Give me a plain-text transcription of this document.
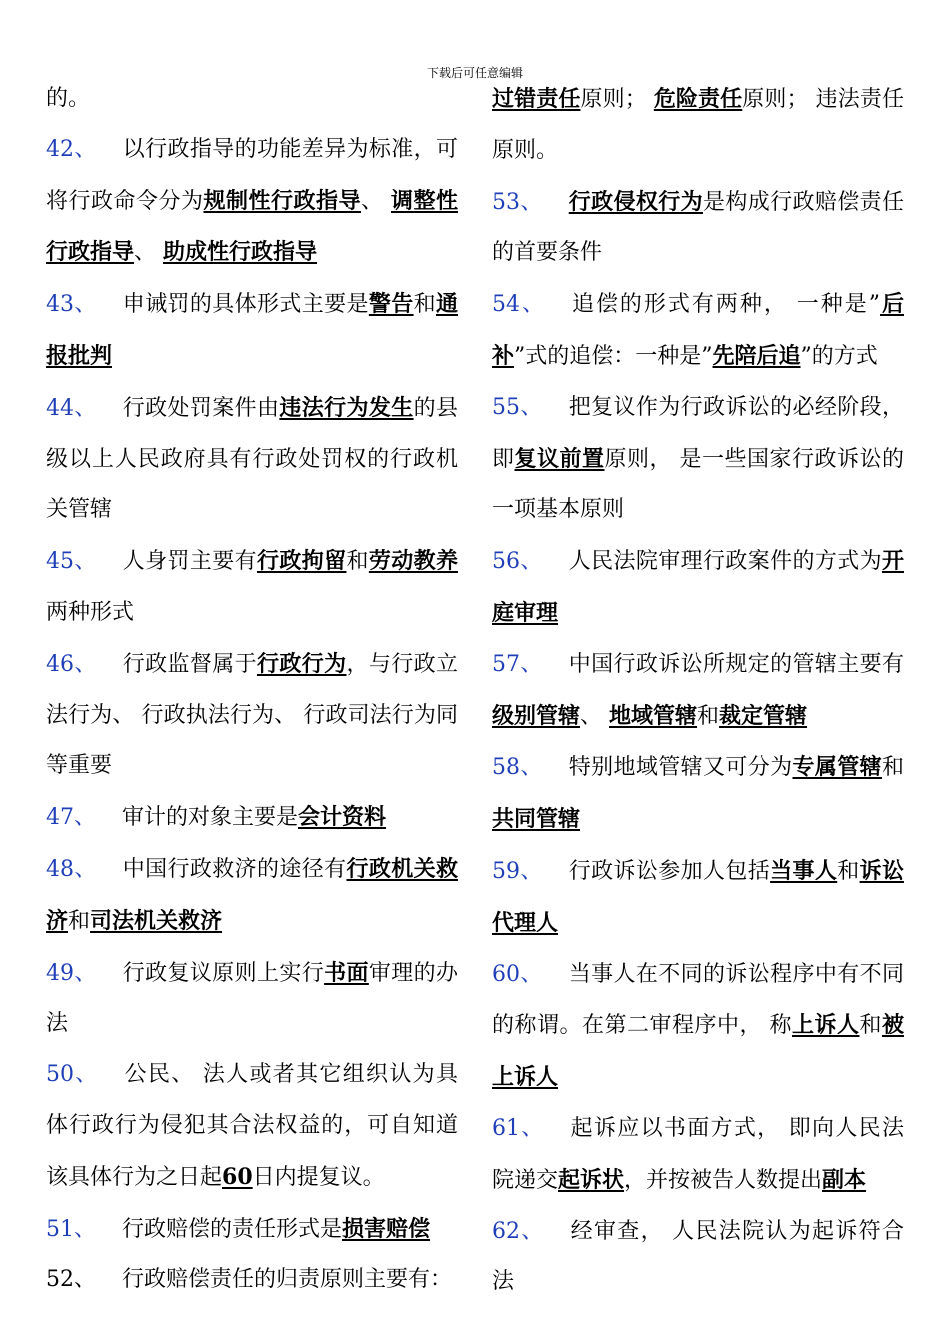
下载后可任意编辑

的。

42、 以行政指导的功能差异为标准，可将行政命令分为规制性行政指导、 调整性行政指导、 助成性行政指导

43、 申诫罚的具体形式主要是警告和通报批判

44、 行政处罚案件由违法行为发生的县级以上人民政府具有行政处罚权的行政机关管辖

45、 人身罚主要有行政拘留和劳动教养两种形式

46、 行政监督属于行政行为，与行政立法行为、 行政执法行为、 行政司法行为同等重要

47、 审计的对象主要是会计资料

48、 中国行政救济的途径有行政机关救济和司法机关救济

49、 行政复议原则上实行书面审理的办法

50、 公民、 法人或者其它组织认为具体行政行为侵犯其合法权益的，可自知道该具体行为之日起60日内提复议。

51、 行政赔偿的责任形式是损害赔偿

52、 行政赔偿责任的归责原则主要有：

过错责任原则； 危险责任原则； 违法责任原则。

53、 行政侵权行为是构成行政赔偿责任的首要条件

54、 追偿的形式有两种， 一种是”后补”式的追偿：一种是”先陪后追”的方式

55、 把复议作为行政诉讼的必经阶段，即复议前置原则， 是一些国家行政诉讼的一项基本原则

56、 人民法院审理行政案件的方式为开庭审理

57、 中国行政诉讼所规定的管辖主要有级别管辖、 地域管辖和裁定管辖

58、 特别地域管辖又可分为专属管辖和共同管辖

59、 行政诉讼参加人包括当事人和诉讼代理人

60、 当事人在不同的诉讼程序中有不同的称谓。在第二审程序中， 称上诉人和被上诉人

61、 起诉应以书面方式， 即向人民法院递交起诉状，并按被告人数提出副本

62、 经审查， 人民法院认为起诉符合法
